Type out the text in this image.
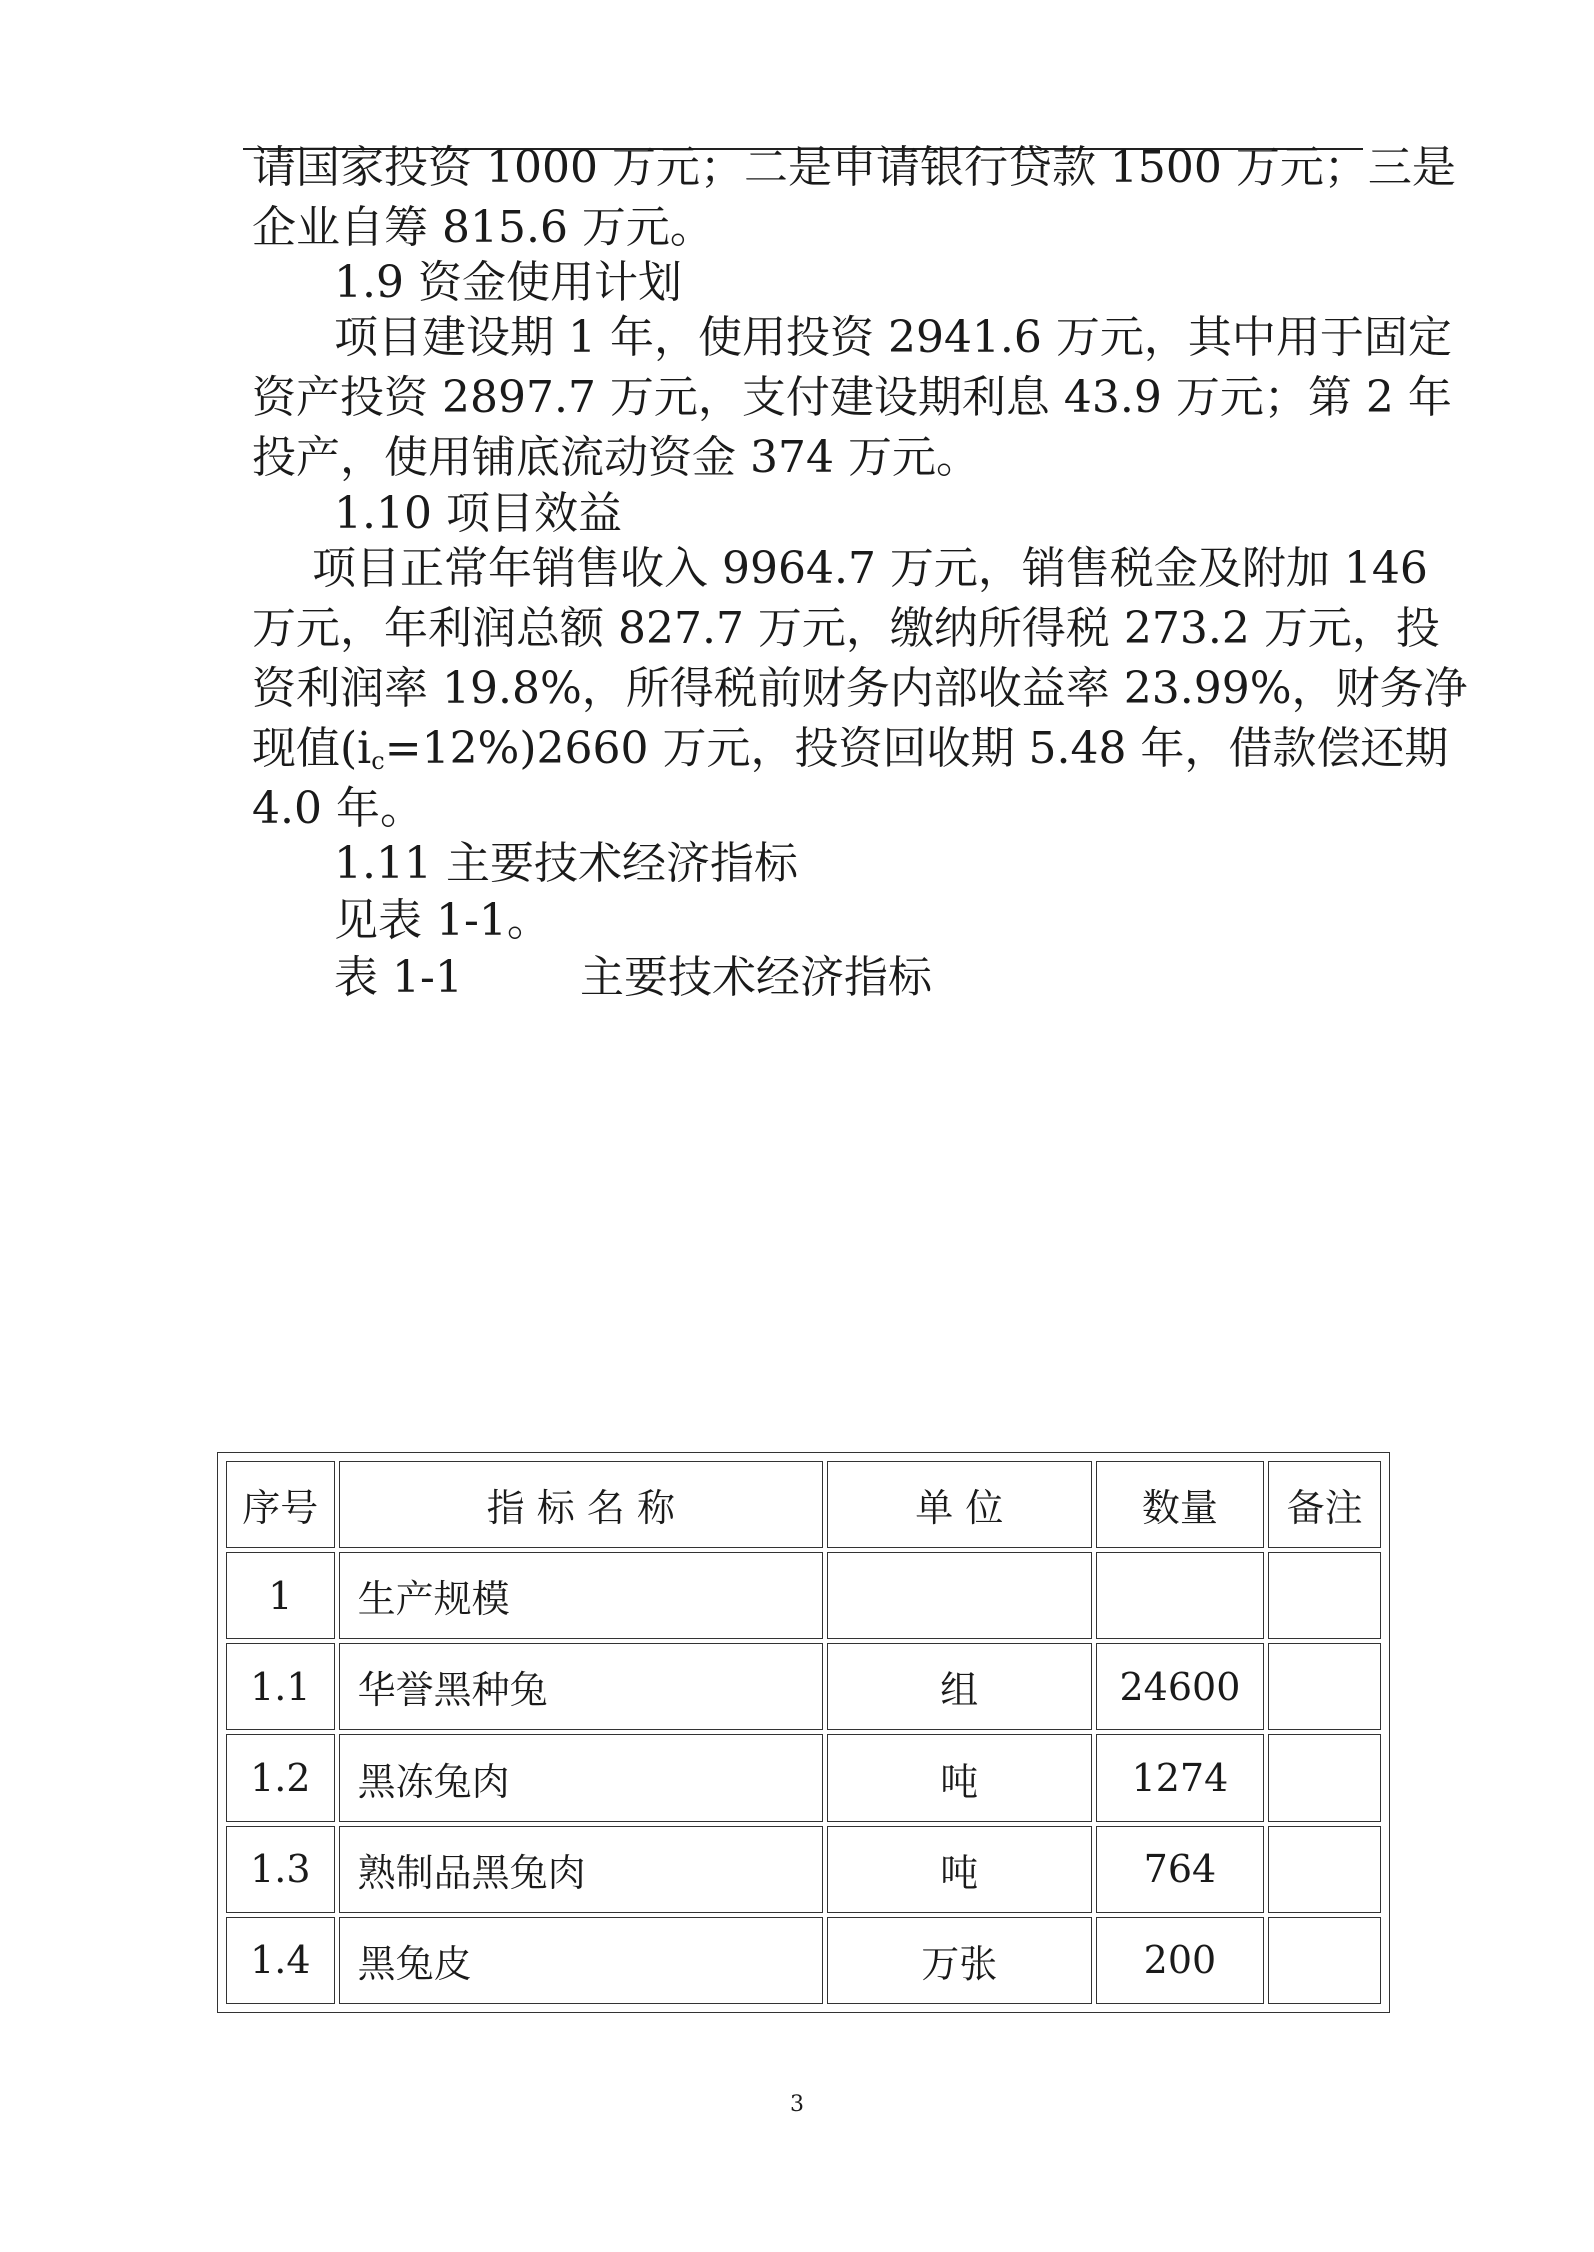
请国家投资 1000 万元；二是申请银行贷款 1500 万元；三是
企业自筹 815.6 万元。
1.9 资金使用计划
项目建设期 1 年，使用投资 2941.6 万元，其中用于固定
资产投资 2897.7 万元，支付建设期利息 43.9 万元；第 2 年
投产，使用铺底流动资金 374 万元。
1.10 项目效益
项目正常年销售收入 9964.7 万元，销售税金及附加 146
万元，年利润总额 827.7 万元，缴纳所得税 273.2 万元，投
资利润率 19.8%，所得税前财务内部收益率 23.99%，财务净
现值$(i_c=12\%)2660$ 万元，投资回收期 5.48 年，借款偿还期
4.0 年。
1.11 主要技术经济指标
见表 1-1。
表 1-1	主要技术经济指标
序号	指 标 名 称	单 位	数量	备注
1	生产规模			
1.1	华誉黑种兔	组	24600	
1.2	黑冻兔肉	吨	1274	
1.3	熟制品黑兔肉	吨	764	
1.4	黑兔皮	万张	200	
3
